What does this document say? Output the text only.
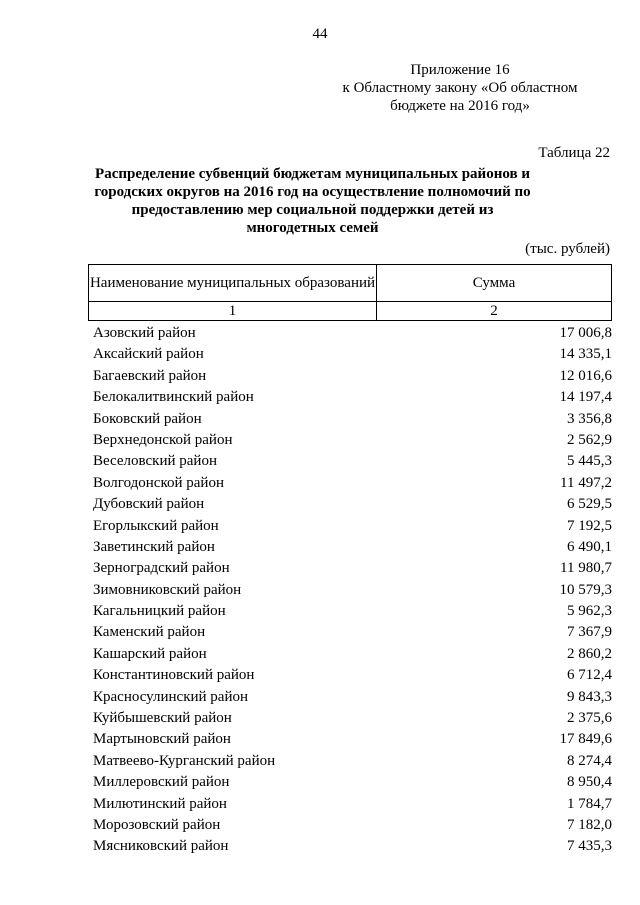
44
Приложение 16
к Областному закону «Об областном
бюджете на 2016 год»
Таблица 22
Распределение субвенций бюджетам муниципальных районов и городских округов на 2016 год на осуществление полномочий по предоставлению мер социальной поддержки детей из многодетных семей
(тыс. рублей)
Наименование муниципальных образований	Сумма
1	2
Азовский район	17 006,8
Аксайский район	14 335,1
Багаевский район	12 016,6
Белокалитвинский район	14 197,4
Боковский район	3 356,8
Верхнедонской район	2 562,9
Веселовский район	5 445,3
Волгодонской район	11 497,2
Дубовский район	6 529,5
Егорлыкский район	7 192,5
Заветинский район	6 490,1
Зерноградский район	11 980,7
Зимовниковский район	10 579,3
Кагальницкий район	5 962,3
Каменский район	7 367,9
Кашарский район	2 860,2
Константиновский район	6 712,4
Красносулинский район	9 843,3
Куйбышевский район	2 375,6
Мартыновский район	17 849,6
Матвеево-Курганский район	8 274,4
Миллеровский район	8 950,4
Милютинский район	1 784,7
Морозовский район	7 182,0
Мясниковский район	7 435,3
